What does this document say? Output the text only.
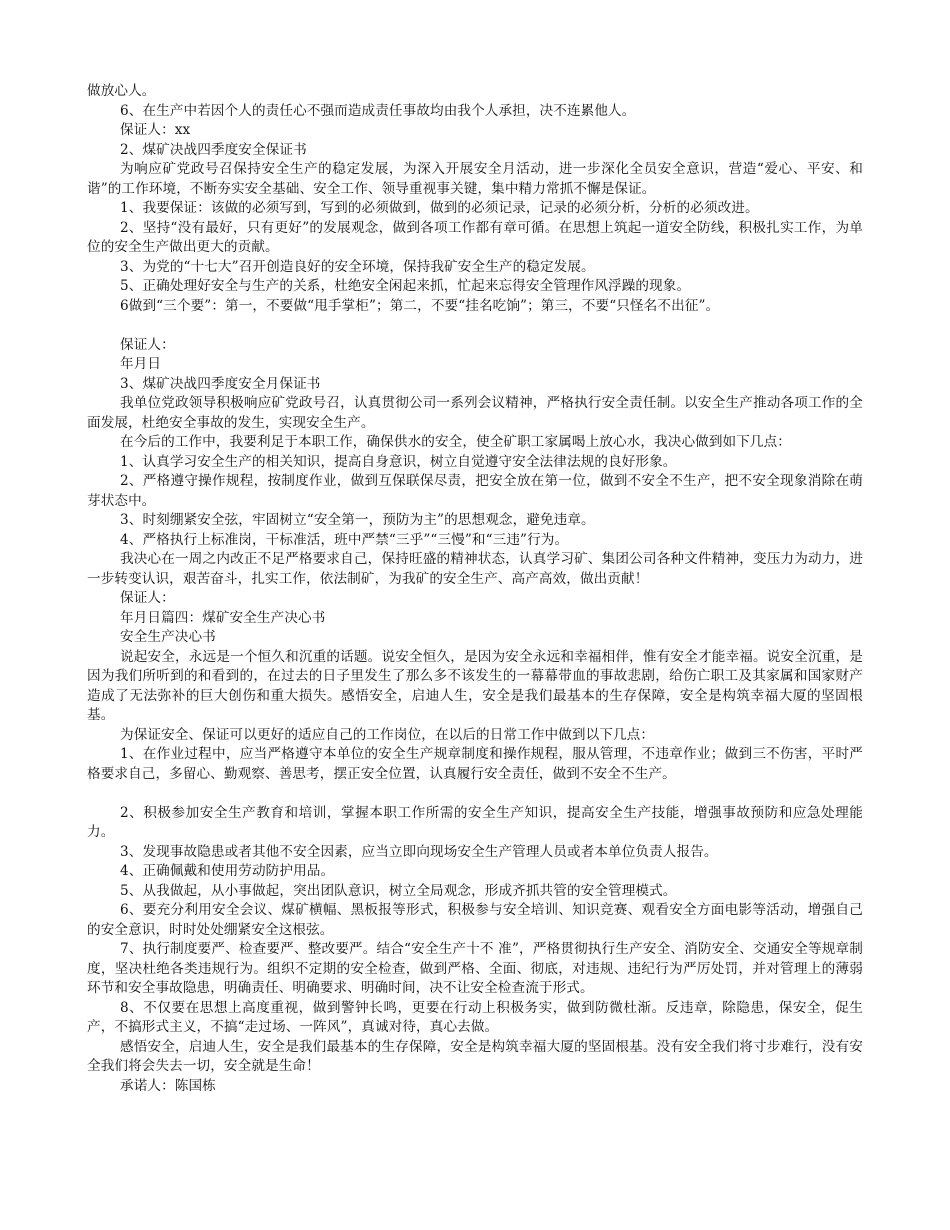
做放心人。

6、在生产中若因个人的责任心不强而造成责任事故均由我个人承担，决不连累他人。

保证人：xx

2、煤矿决战四季度安全保证书

为响应矿党政号召保持安全生产的稳定发展，为深入开展安全月活动，进一步深化全员安全意识，营造“爱心、平安、和谐”的工作环境，不断夯实安全基础、安全工作、领导重视事关键，集中精力常抓不懈是保证。

1、我要保证：该做的必须写到，写到的必须做到，做到的必须记录，记录的必须分析，分析的必须改进。

2、坚持“没有最好，只有更好”的发展观念，做到各项工作都有章可循。在思想上筑起一道安全防线，积极扎实工作，为单位的安全生产做出更大的贡献。

3、为党的“十七大”召开创造良好的安全环境，保持我矿安全生产的稳定发展。

5、正确处理好安全与生产的关系，杜绝安全闲起来抓，忙起来忘得安全管理作风浮躁的现象。

6做到“三个要”：第一，不要做“甩手掌柜”；第二，不要“挂名吃饷”；第三，不要“只怪名不出征”。

保证人：

年月日

3、煤矿决战四季度安全月保证书

我单位党政领导积极响应矿党政号召，认真贯彻公司一系列会议精神，严格执行安全责任制。以安全生产推动各项工作的全面发展，杜绝安全事故的发生，实现安全生产。

在今后的工作中，我要利足于本职工作，确保供水的安全，使全矿职工家属喝上放心水，我决心做到如下几点：

1、认真学习安全生产的相关知识，提高自身意识，树立自觉遵守安全法律法规的良好形象。

2、严格遵守操作规程，按制度作业，做到互保联保尽责，把安全放在第一位，做到不安全不生产，把不安全现象消除在萌芽状态中。

3、时刻绷紧安全弦，牢固树立“安全第一，预防为主”的思想观念，避免违章。

4、严格执行上标准岗，干标准活，班中严禁“三乎”“三慢”和“三违”行为。

我决心在一周之内改正不足严格要求自己，保持旺盛的精神状态，认真学习矿、集团公司各种文件精神，变压力为动力，进一步转变认识，艰苦奋斗，扎实工作，依法制矿，为我矿的安全生产、高产高效，做出贡献！

保证人：

年月日篇四：煤矿安全生产决心书

安全生产决心书

说起安全，永远是一个恒久和沉重的话题。说安全恒久，是因为安全永远和幸福相伴，惟有安全才能幸福。说安全沉重，是因为我们所听到的和看到的，在过去的日子里发生了那么多不该发生的一幕幕带血的事故悲剧，给伤亡职工及其家属和国家财产造成了无法弥补的巨大创伤和重大损失。感悟安全，启迪人生，安全是我们最基本的生存保障，安全是构筑幸福大厦的坚固根基。

为保证安全、保证可以更好的适应自己的工作岗位，在以后的日常工作中做到以下几点：

1、在作业过程中，应当严格遵守本单位的安全生产规章制度和操作规程，服从管理，不违章作业；做到三不伤害，平时严格要求自己，多留心、勤观察、善思考，摆正安全位置，认真履行安全责任，做到不安全不生产。

2、积极参加安全生产教育和培训，掌握本职工作所需的安全生产知识，提高安全生产技能，增强事故预防和应急处理能力。

3、发现事故隐患或者其他不安全因素，应当立即向现场安全生产管理人员或者本单位负责人报告。

4、正确佩戴和使用劳动防护用品。

5、从我做起，从小事做起，突出团队意识，树立全局观念，形成齐抓共管的安全管理模式。

6、要充分利用安全会议、煤矿横幅、黑板报等形式，积极参与安全培训、知识竞赛、观看安全方面电影等活动，增强自己的安全意识，时时处处绷紧安全这根弦。

7、执行制度要严、检查要严、整改要严。结合“安全生产十不 准”，严格贯彻执行生产安全、消防安全、交通安全等规章制度，坚决杜绝各类违规行为。组织不定期的安全检查，做到严格、全面、彻底，对违规、违纪行为严厉处罚，并对管理上的薄弱环节和安全事故隐患，明确责任、明确要求、明确时间，决不让安全检查流于形式。

8、不仅要在思想上高度重视，做到警钟长鸣，更要在行动上积极务实，做到防微杜渐。反违章，除隐患，保安全，促生产，不搞形式主义，不搞“走过场、一阵风”，真诚对待，真心去做。

感悟安全，启迪人生，安全是我们最基本的生存保障，安全是构筑幸福大厦的坚固根基。没有安全我们将寸步难行，没有安全我们将会失去一切，安全就是生命！

承诺人：陈国栋
